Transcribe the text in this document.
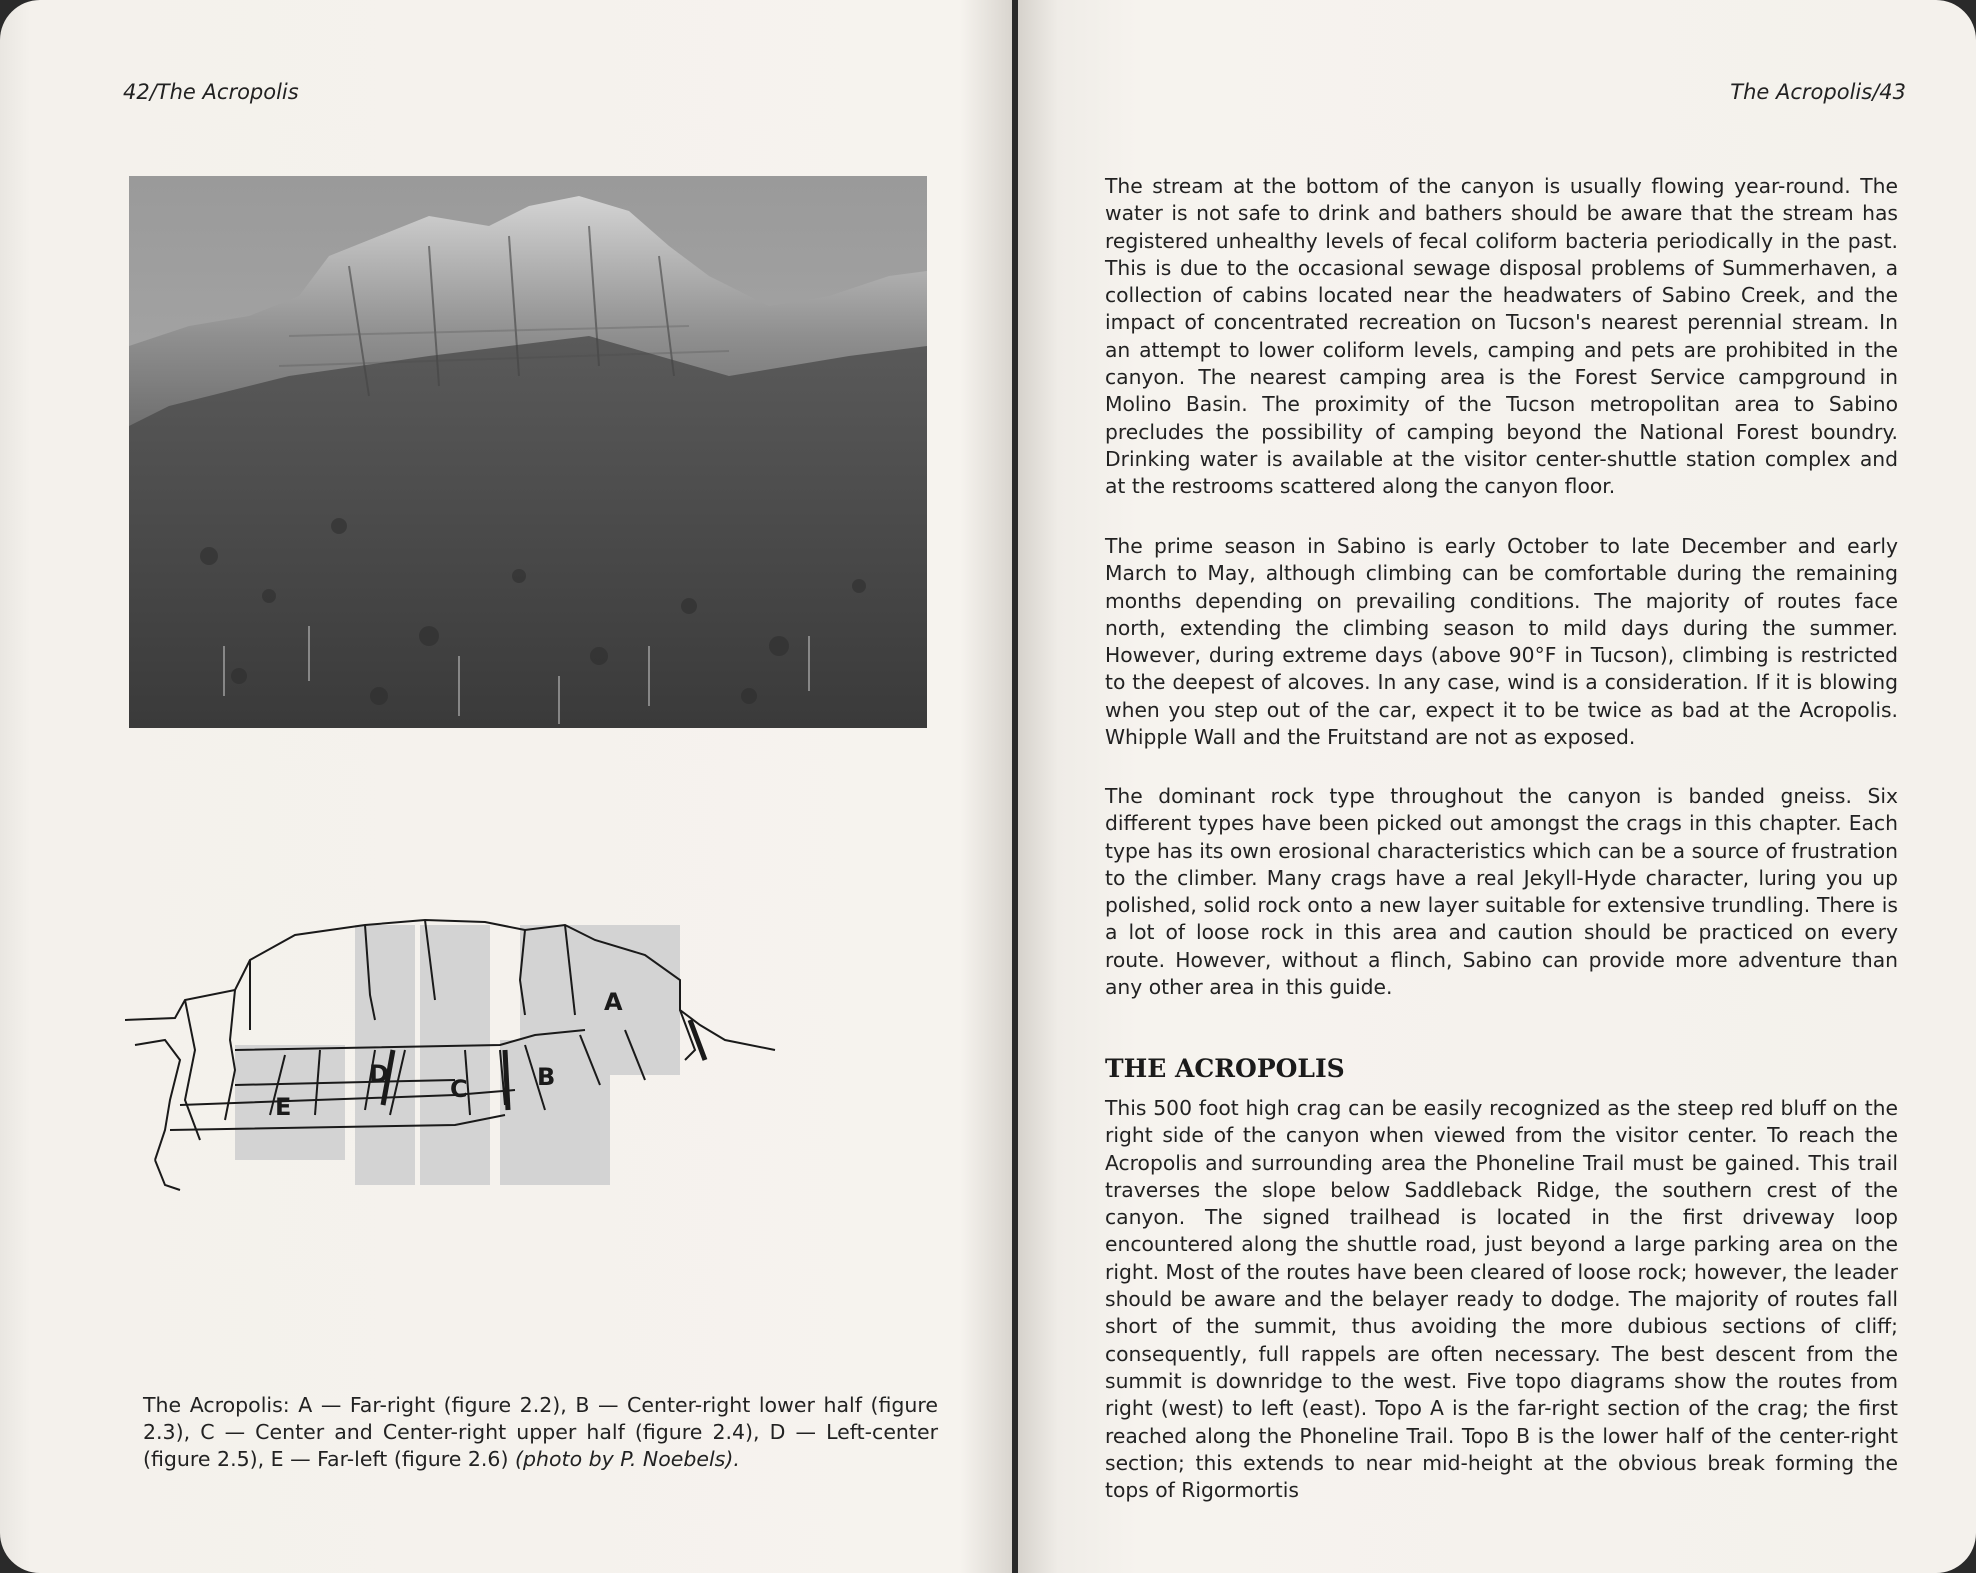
42/The Acropolis
A
B
C
D
E
The Acropolis: A — Far-right (figure 2.2), B — Center-right lower half (figure 2.3), C — Center and Center-right upper half (figure 2.4), D — Left-center (figure 2.5), E — Far-left (figure 2.6) (photo by P. Noebels).
The Acropolis/43

The stream at the bottom of the canyon is usually flowing year-round. The water is not safe to drink and bathers should be aware that the stream has registered unhealthy levels of fecal coliform bacteria periodically in the past. This is due to the occasional sewage disposal problems of Summerhaven, a collection of cabins located near the headwaters of Sabino Creek, and the impact of concentrated recreation on Tucson's nearest perennial stream. In an attempt to lower coliform levels, camping and pets are prohibited in the canyon. The nearest camping area is the Forest Service campground in Molino Basin. The proximity of the Tucson metropolitan area to Sabino precludes the possibility of camping beyond the National Forest boundry. Drinking water is available at the visitor center-shuttle station complex and at the restrooms scattered along the canyon floor.

The prime season in Sabino is early October to late December and early March to May, although climbing can be comfortable during the remaining months depending on prevailing conditions. The majority of routes face north, extending the climbing season to mild days during the summer. However, during extreme days (above 90°F in Tucson), climbing is restricted to the deepest of alcoves. In any case, wind is a consideration. If it is blowing when you step out of the car, expect it to be twice as bad at the Acropolis. Whipple Wall and the Fruitstand are not as exposed.

The dominant rock type throughout the canyon is banded gneiss. Six different types have been picked out amongst the crags in this chapter. Each type has its own erosional characteristics which can be a source of frustration to the climber. Many crags have a real Jekyll-Hyde character, luring you up polished, solid rock onto a new layer suitable for extensive trundling. There is a lot of loose rock in this area and caution should be practiced on every route. However, without a flinch, Sabino can provide more adventure than any other area in this guide.

THE ACROPOLIS

This 500 foot high crag can be easily recognized as the steep red bluff on the right side of the canyon when viewed from the visitor center. To reach the Acropolis and surrounding area the Phoneline Trail must be gained. This trail traverses the slope below Saddleback Ridge, the southern crest of the canyon. The signed trailhead is located in the first driveway loop encountered along the shuttle road, just beyond a large parking area on the right. Most of the routes have been cleared of loose rock; however, the leader should be aware and the belayer ready to dodge. The majority of routes fall short of the summit, thus avoiding the more dubious sections of cliff; consequently, full rappels are often necessary. The best descent from the summit is downridge to the west. Five topo diagrams show the routes from right (west) to left (east). Topo A is the far-right section of the crag; the first reached along the Phoneline Trail. Topo B is the lower half of the center-right section; this extends to near mid-height at the obvious break forming the tops of Rigormortis
